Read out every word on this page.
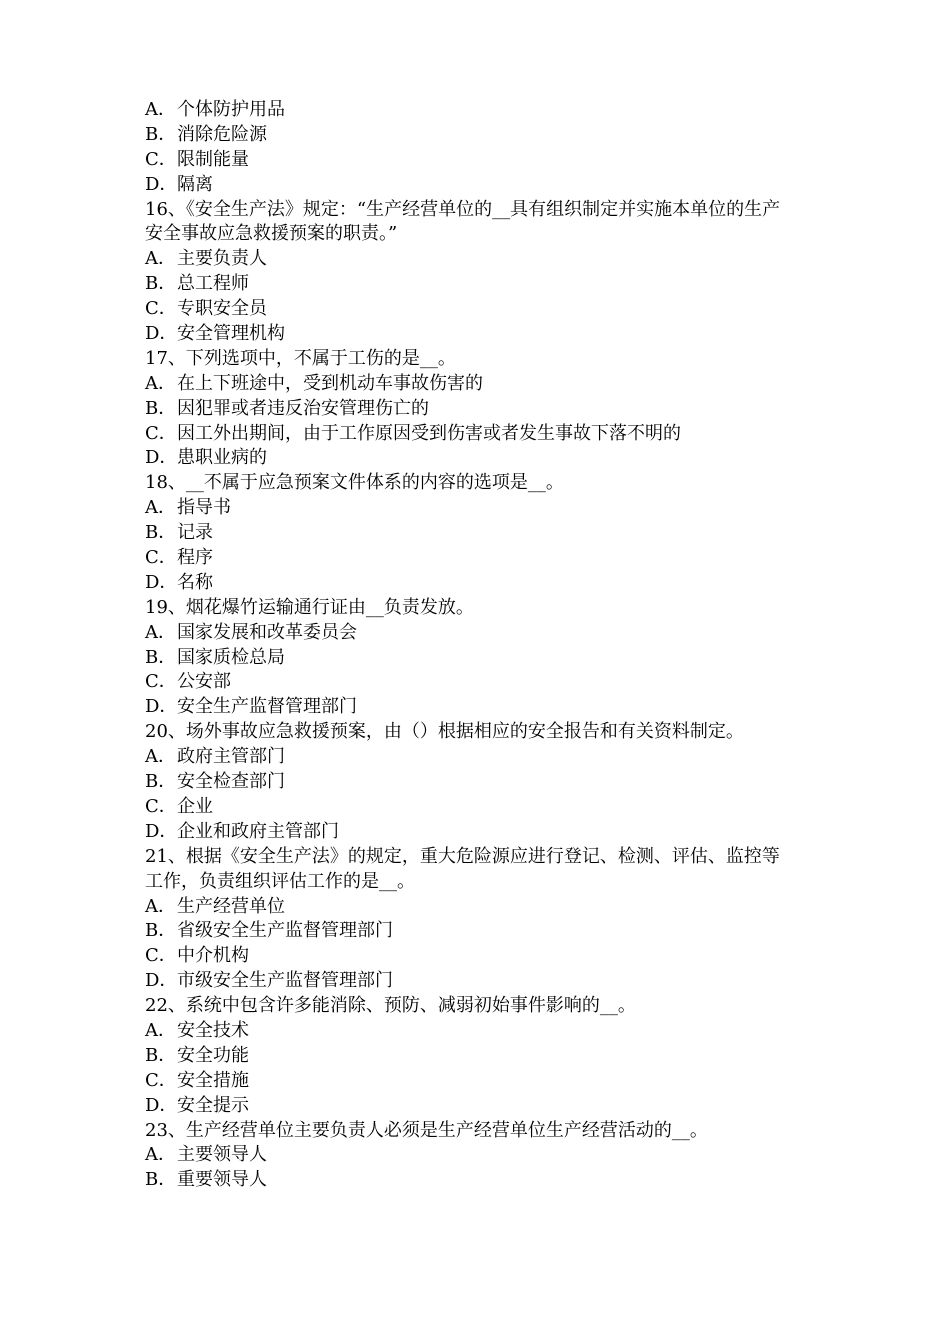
A．个体防护用品
B．消除危险源
C．限制能量
D．隔离
16、《安全生产法》规定：“生产经营单位的__具有组织制定并实施本单位的生产
安全事故应急救援预案的职责。”
A．主要负责人
B．总工程师
C．专职安全员
D．安全管理机构
17、下列选项中，不属于工伤的是__。
A．在上下班途中，受到机动车事故伤害的
B．因犯罪或者违反治安管理伤亡的
C．因工外出期间，由于工作原因受到伤害或者发生事故下落不明的
D．患职业病的
18、__不属于应急预案文件体系的内容的选项是__。
A．指导书
B．记录
C．程序
D．名称
19、烟花爆竹运输通行证由__负责发放。
A．国家发展和改革委员会
B．国家质检总局
C．公安部
D．安全生产监督管理部门
20、场外事故应急救援预案，由（）根据相应的安全报告和有关资料制定。
A．政府主管部门
B．安全检查部门
C．企业
D．企业和政府主管部门
21、根据《安全生产法》的规定，重大危险源应进行登记、检测、评估、监控等
工作，负责组织评估工作的是__。
A．生产经营单位
B．省级安全生产监督管理部门
C．中介机构
D．市级安全生产监督管理部门
22、系统中包含许多能消除、预防、减弱初始事件影响的__。
A．安全技术
B．安全功能
C．安全措施
D．安全提示
23、生产经营单位主要负责人必须是生产经营单位生产经营活动的__。
A．主要领导人
B．重要领导人
